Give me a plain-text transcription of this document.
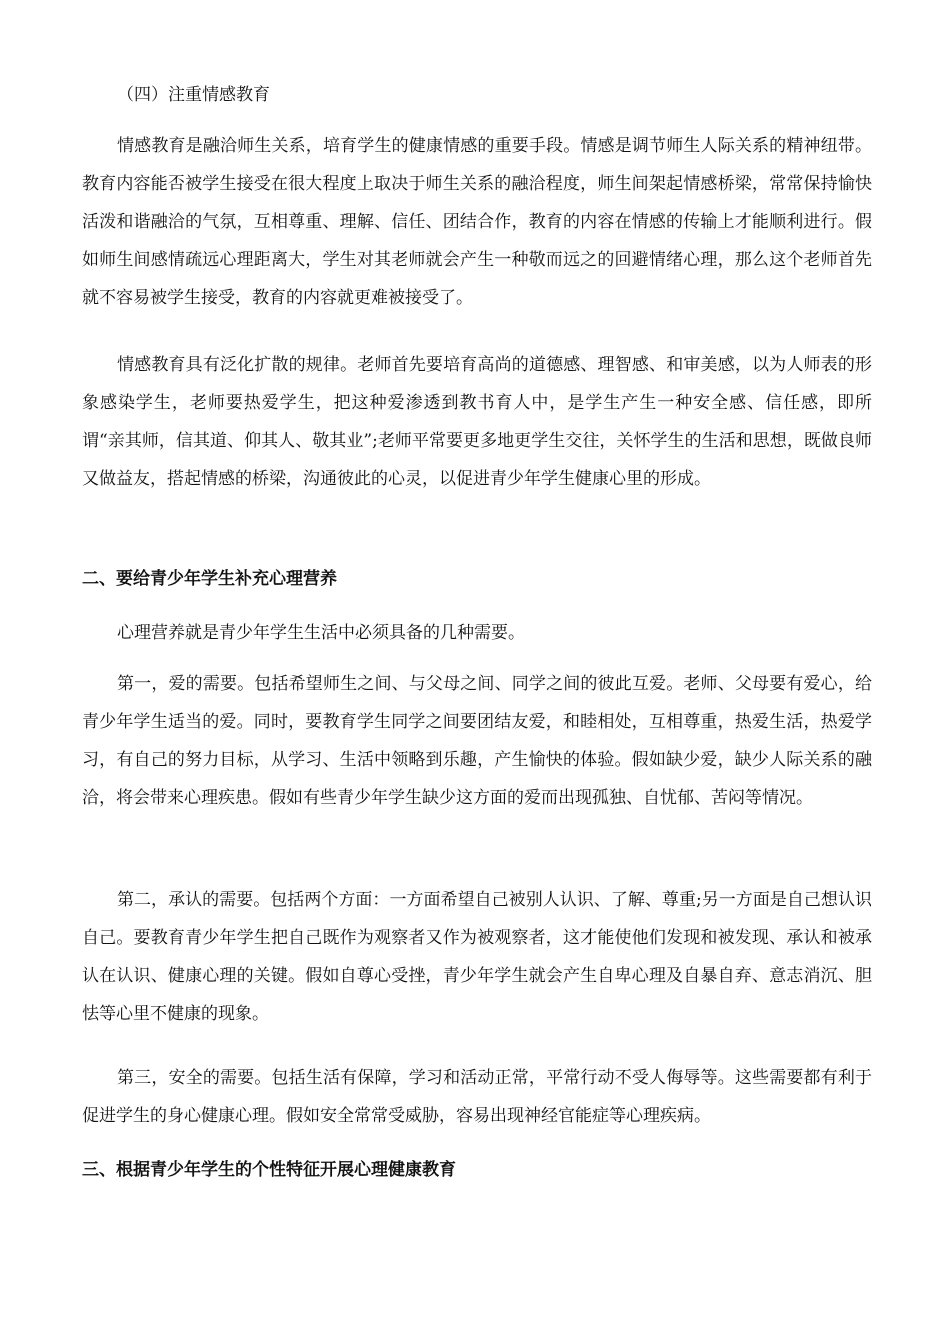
（四）注重情感教育

情感教育是融洽师生关系，培育学生的健康情感的重要手段。情感是调节师生人际关系的精神纽带。教育内容能否被学生接受在很大程度上取决于师生关系的融洽程度，师生间架起情感桥梁，常常保持愉快活泼和谐融洽的气氛，互相尊重、理解、信任、团结合作，教育的内容在情感的传输上才能顺利进行。假如师生间感情疏远心理距离大，学生对其老师就会产生一种敬而远之的回避情绪心理，那么这个老师首先就不容易被学生接受，教育的内容就更难被接受了。

情感教育具有泛化扩散的规律。老师首先要培育高尚的道德感、理智感、和审美感，以为人师表的形象感染学生，老师要热爱学生，把这种爱渗透到教书育人中，是学生产生一种安全感、信任感，即所谓“亲其师，信其道、仰其人、敬其业”;老师平常要更多地更学生交往，关怀学生的生活和思想，既做良师又做益友，搭起情感的桥梁，沟通彼此的心灵，以促进青少年学生健康心里的形成。

二、要给青少年学生补充心理营养

心理营养就是青少年学生生活中必须具备的几种需要。

第一，爱的需要。包括希望师生之间、与父母之间、同学之间的彼此互爱。老师、父母要有爱心，给青少年学生适当的爱。同时，要教育学生同学之间要团结友爱，和睦相处，互相尊重，热爱生活，热爱学习，有自己的努力目标，从学习、生活中领略到乐趣，产生愉快的体验。假如缺少爱，缺少人际关系的融洽，将会带来心理疾患。假如有些青少年学生缺少这方面的爱而出现孤独、自忧郁、苦闷等情况。

第二，承认的需要。包括两个方面：一方面希望自己被别人认识、了解、尊重;另一方面是自己想认识自己。要教育青少年学生把自己既作为观察者又作为被观察者，这才能使他们发现和被发现、承认和被承认在认识、健康心理的关键。假如自尊心受挫，青少年学生就会产生自卑心理及自暴自弃、意志消沉、胆怯等心里不健康的现象。

第三，安全的需要。包括生活有保障，学习和活动正常，平常行动不受人侮辱等。这些需要都有利于促进学生的身心健康心理。假如安全常常受威胁，容易出现神经官能症等心理疾病。

三、根据青少年学生的个性特征开展心理健康教育
